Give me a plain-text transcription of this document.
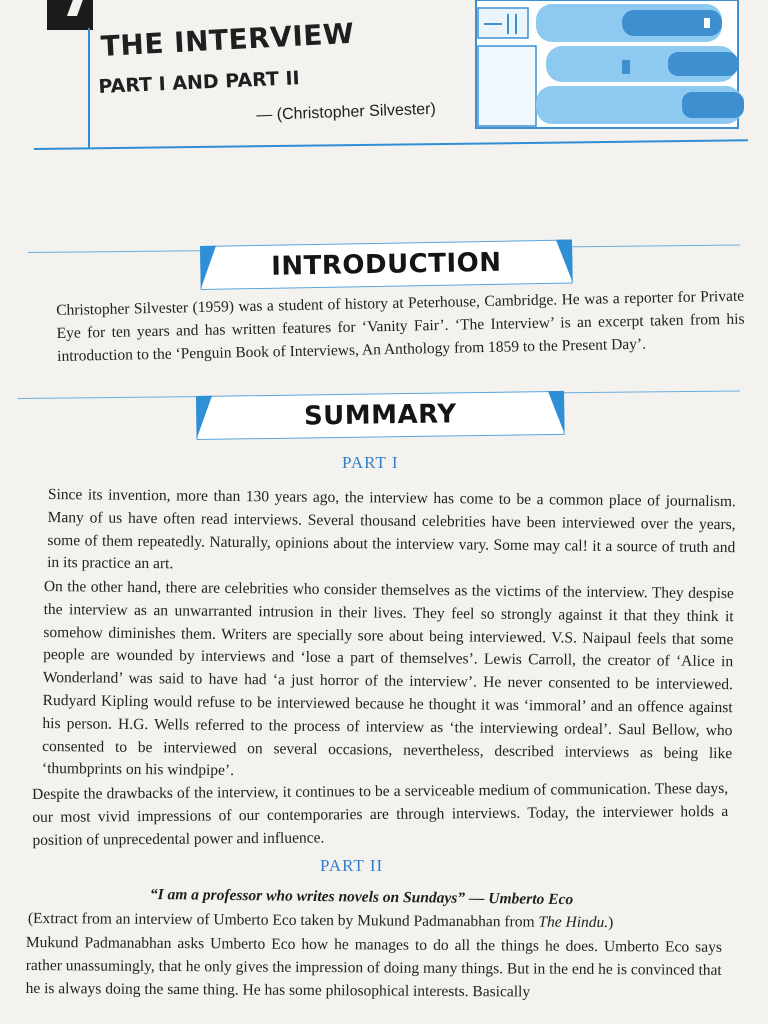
THE INTERVIEW
PART I AND PART II
— (Christopher Silvester)
INTRODUCTION

Christopher Silvester (1959) was a student of history at Peterhouse, Cambridge. He was a reporter for Private Eye for ten years and has written features for ‘Vanity Fair’. ‘The Interview’ is an excerpt taken from his introduction to the ‘Penguin Book of Interviews, An Anthology from 1859 to the Present Day’.

SUMMARY
PART I

Since its invention, more than 130 years ago, the interview has come to be a common place of journalism. Many of us have often read interviews. Several thousand celebrities have been interviewed over the years, some of them repeatedly. Naturally, opinions about the interview vary. Some may cal! it a source of truth and in its practice an art.

On the other hand, there are celebrities who consider themselves as the victims of the interview. They despise the interview as an unwarranted intrusion in their lives. They feel so strongly against it that they think it somehow diminishes them. Writers are specially sore about being interviewed. V.S. Naipaul feels that some people are wounded by interviews and ‘lose a part of themselves’. Lewis Carroll, the creator of ‘Alice in Wonderland’ was said to have had ‘a just horror of the interview’. He never consented to be interviewed. Rudyard Kipling would refuse to be interviewed because he thought it was ‘immoral’ and an offence against his person. H.G. Wells referred to the process of interview as ‘the interviewing ordeal’. Saul Bellow, who consented to be interviewed on several occasions, nevertheless, described interviews as being like ‘thumbprints on his windpipe’.

Despite the drawbacks of the interview, it continues to be a serviceable medium of communication. These days, our most vivid impressions of our contemporaries are through interviews. Today, the interviewer holds a position of unprecedental power and influence.

PART II

“I am a professor who writes novels on Sundays” — Umberto Eco

(Extract from an interview of Umberto Eco taken by Mukund Padmanabhan from The Hindu.)

Mukund Padmanabhan asks Umberto Eco how he manages to do all the things he does. Umberto Eco says rather unassumingly, that he only gives the impression of doing many things. But in the end he is convinced that he is always doing the same thing. He has some philosophical interests. Basically
